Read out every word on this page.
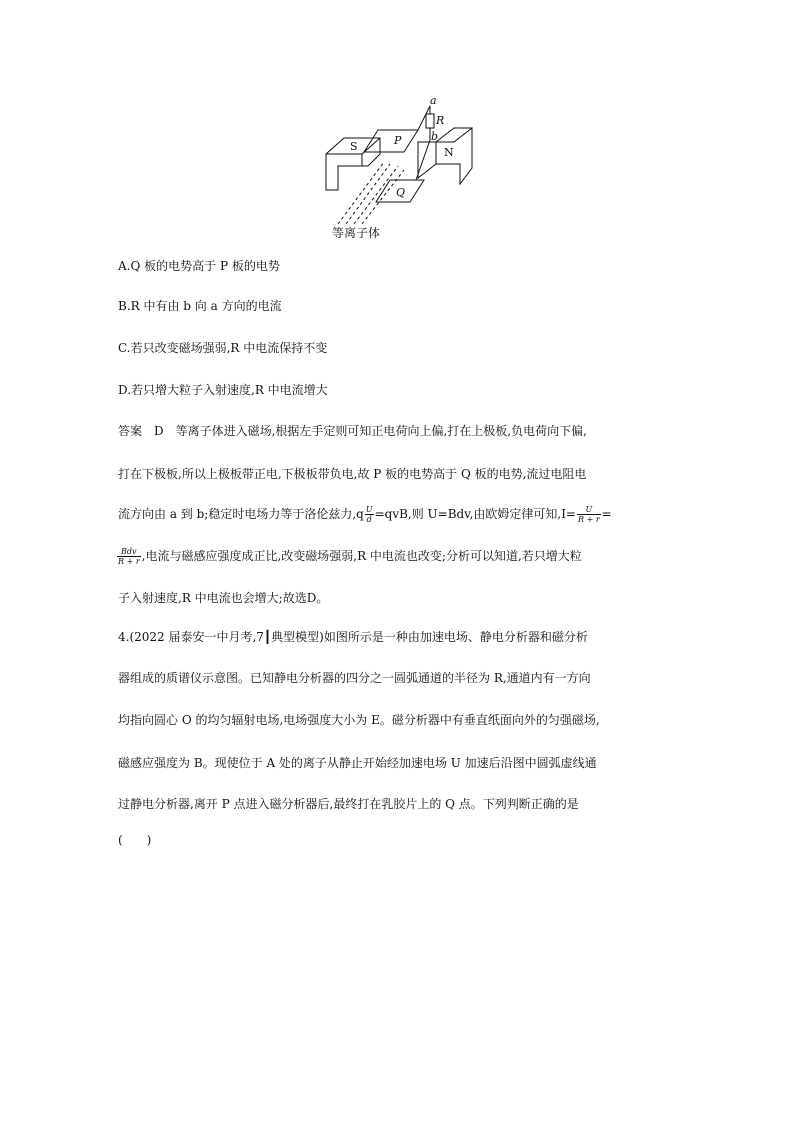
a
R
b
S	P
N
Q
等离子体
A.Q 板的电势高于 P 板的电势
B.R 中有由 b 向 a 方向的电流
C.若只改变磁场强弱,R 中电流保持不变
D.若只增大粒子入射速度,R 中电流增大
答案　D　等离子体进入磁场,根据左手定则可知正电荷向上偏,打在上极板,负电荷向下偏,
打在下极板,所以上极板带正电,下极板带负电,故 P 板的电势高于 Q 板的电势,流过电阻电
流方向由 a 到 b;稳定时电场力等于洛伦兹力$,q \frac{U}{d} =qvB$,则 U=Bdv,由欧姆定律可知$,I= \frac{U}{R + r}$ =
$\frac{\text{Bdv}}{R + r}$ ,电流与磁感应强度成正比,改变磁场强弱,R 中电流也改变;分析可以知道,若只增大粒
子入射速度,R 中电流也会增大;故选D。
4.(2022 届泰安一中月考,7┃典型模型)如图所示是一种由加速电场、静电分析器和磁分析
器组成的质谱仪示意图。已知静电分析器的四分之一圆弧通道的半径为 R,通道内有一方向
均指向圆心 O 的均匀辐射电场,电场强度大小为 E。磁分析器中有垂直纸面向外的匀强磁场,
磁感应强度为 B。现使位于 A 处的离子从静止开始经加速电场 U 加速后沿图中圆弧虚线通
过静电分析器,离开 P 点进入磁分析器后,最终打在乳胶片上的 Q 点。下列判断正确的是
(　　)
